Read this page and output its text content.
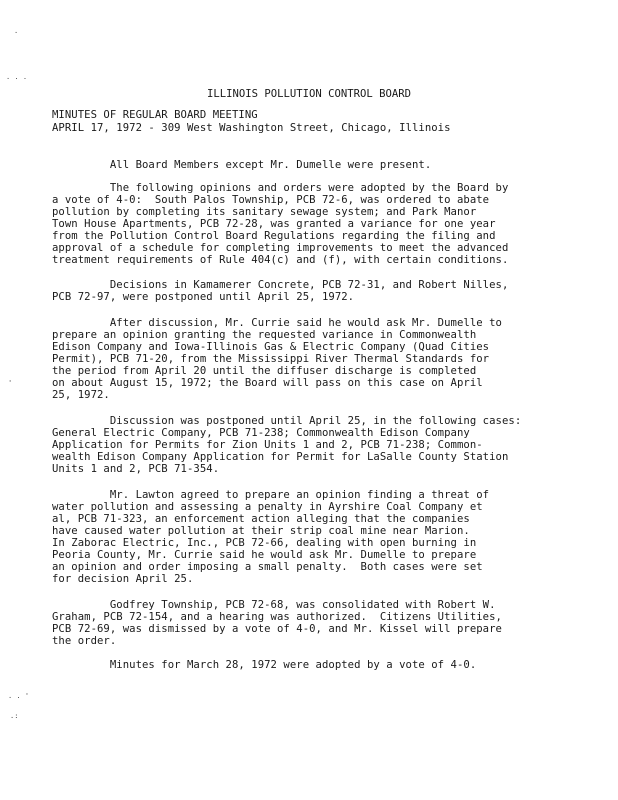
·
. . .
'
. . '
.:
ILLINOIS POLLUTION CONTROL BOARD
MINUTES OF REGULAR BOARD MEETING
APRIL 17, 1972 - 309 West Washington Street, Chicago, Illinois
All Board Members except Mr. Dumelle were present.
The following opinions and orders were adopted by the Board by
a vote of 4-0:  South Palos Township, PCB 72-6, was ordered to abate
pollution by completing its sanitary sewage system; and Park Manor
Town House Apartments, PCB 72-28, was granted a variance for one year
from the Pollution Control Board Regulations regarding the filing and
approval of a schedule for completing improvements to meet the advanced
treatment requirements of Rule 404(c) and (f), with certain conditions.
Decisions in Kamamerer Concrete, PCB 72-31, and Robert Nilles,
PCB 72-97, were postponed until April 25, 1972.
After discussion, Mr. Currie said he would ask Mr. Dumelle to
prepare an opinion granting the requested variance in Commonwealth
Edison Company and Iowa-Illinois Gas & Electric Company (Quad Cities
Permit), PCB 71-20, from the Mississippi River Thermal Standards for
the period from April 20 until the diffuser discharge is completed
on about August 15, 1972; the Board will pass on this case on April
25, 1972.
Discussion was postponed until April 25, in the following cases:
General Electric Company, PCB 71-238; Commonwealth Edison Company
Application for Permits for Zion Units 1 and 2, PCB 71-238; Common-
wealth Edison Company Application for Permit for LaSalle County Station
Units 1 and 2, PCB 71-354.
Mr. Lawton agreed to prepare an opinion finding a threat of
water pollution and assessing a penalty in Ayrshire Coal Company et
al, PCB 71-323, an enforcement action alleging that the companies
have caused water pollution at their strip coal mine near Marion.
In Zaborac Electric, Inc., PCB 72-66, dealing with open burning in
Peoria County, Mr. Currie said he would ask Mr. Dumelle to prepare
an opinion and order imposing a small penalty.  Both cases were set
for decision April 25.
Godfrey Township, PCB 72-68, was consolidated with Robert W.
Graham, PCB 72-154, and a hearing was authorized.  Citizens Utilities,
PCB 72-69, was dismissed by a vote of 4-0, and Mr. Kissel will prepare
the order.
Minutes for March 28, 1972 were adopted by a vote of 4-0.
